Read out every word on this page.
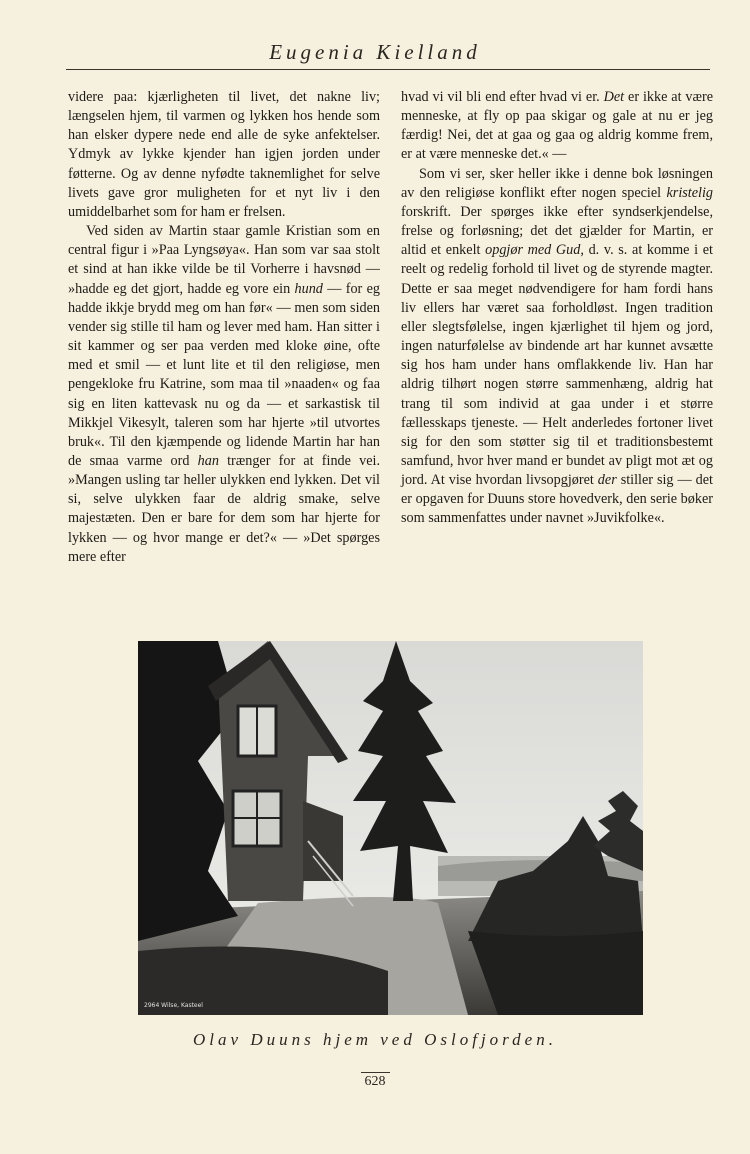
Eugenia Kielland

videre paa: kjærligheten til livet, det nakne liv; længselen hjem, til varmen og lykken hos hende som han elsker dypere nede end alle de syke anfektelser. Ydmyk av lykke kjender han igjen jorden under føtterne. Og av denne nyfødte taknemlighet for selve livets gave gror muligheten for et nyt liv i den umiddelbarhet som for ham er frelsen.

Ved siden av Martin staar gamle Kristian som en central figur i »Paa Lyngsøya«. Han som var saa stolt et sind at han ikke vilde be til Vorherre i havsnød — »hadde eg det gjort, hadde eg vore ein hund — for eg hadde ikkje brydd meg om han før« — men som siden vender sig stille til ham og lever med ham. Han sitter i sit kammer og ser paa verden med kloke øine, ofte med et smil — et lunt lite et til den religiøse, men pengekloke fru Katrine, som maa til »naaden« og faa sig en liten kattevask nu og da — et sarkastisk til Mikkjel Vikesylt, taleren som har hjerte »til utvortes bruk«. Til den kjæmpende og lidende Martin har han de smaa varme ord han trænger for at finde vei. »Mangen usling tar heller ulykken end lykken. Det vil si, selve ulykken faar de aldrig smake, selve majestæten. Den er bare for dem som har hjerte for lykken — og hvor mange er det?« — »Det spørges mere efter

hvad vi vil bli end efter hvad vi er. Det er ikke at være menneske, at fly op paa skigar og gale at nu er jeg færdig! Nei, det at gaa og gaa og aldrig komme frem, er at være menneske det.« —

Som vi ser, sker heller ikke i denne bok løsningen av den religiøse konflikt efter nogen speciel kristelig forskrift. Der spørges ikke efter syndserkjendelse, frelse og forløsning; det det gjælder for Martin, er altid et enkelt opgjør med Gud, d. v. s. at komme i et reelt og redelig forhold til livet og de styrende magter. Dette er saa meget nødvendigere for ham fordi hans liv ellers har været saa forholdløst. Ingen tradition eller slegtsfølelse, ingen kjærlighet til hjem og jord, ingen naturfølelse av bindende art har kunnet avsætte sig hos ham under hans omflakkende liv. Han har aldrig tilhørt nogen større sammenhæng, aldrig hat trang til som individ at gaa under i et større fællesskaps tjeneste. — Helt anderledes fortoner livet sig for den som støtter sig til et traditionsbestemt samfund, hvor hver mand er bundet av pligt mot æt og jord. At vise hvordan livsopgjøret der stiller sig — det er opgaven for Duuns store hovedverk, den serie bøker som sammenfattes under navnet »Juvikfolke«.

2964 Wilse, Kasteel
Olav Duuns hjem ved Oslofjorden.
628
